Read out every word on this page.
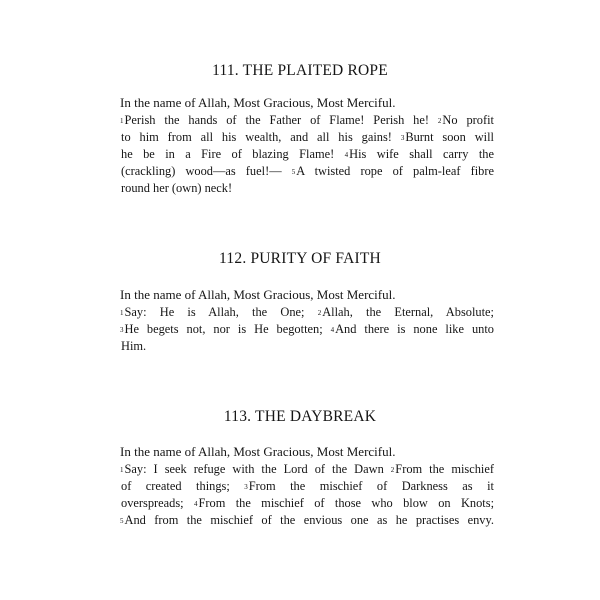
111. THE PLAITED ROPE
In the name of Allah, Most Gracious, Most Merciful.
1Perish the hands of the Father of Flame! Perish he! 2No profit
to him from all his wealth, and all his gains! 3Burnt soon will
he be in a Fire of blazing Flame! 4His wife shall carry the
(crackling) wood—as fuel!— 5A twisted rope of palm-leaf fibre
round her (own) neck!
112. PURITY OF FAITH
In the name of Allah, Most Gracious, Most Merciful.
1Say: He is Allah, the One; 2Allah, the Eternal, Absolute;
3He begets not, nor is He begotten; 4And there is none like unto
Him.
113. THE DAYBREAK
In the name of Allah, Most Gracious, Most Merciful.
1Say: I seek refuge with the Lord of the Dawn 2From the mischief
of created things; 3From the mischief of Darkness as it
overspreads; 4From the mischief of those who blow on Knots;
5And from the mischief of the envious one as he practises envy.
